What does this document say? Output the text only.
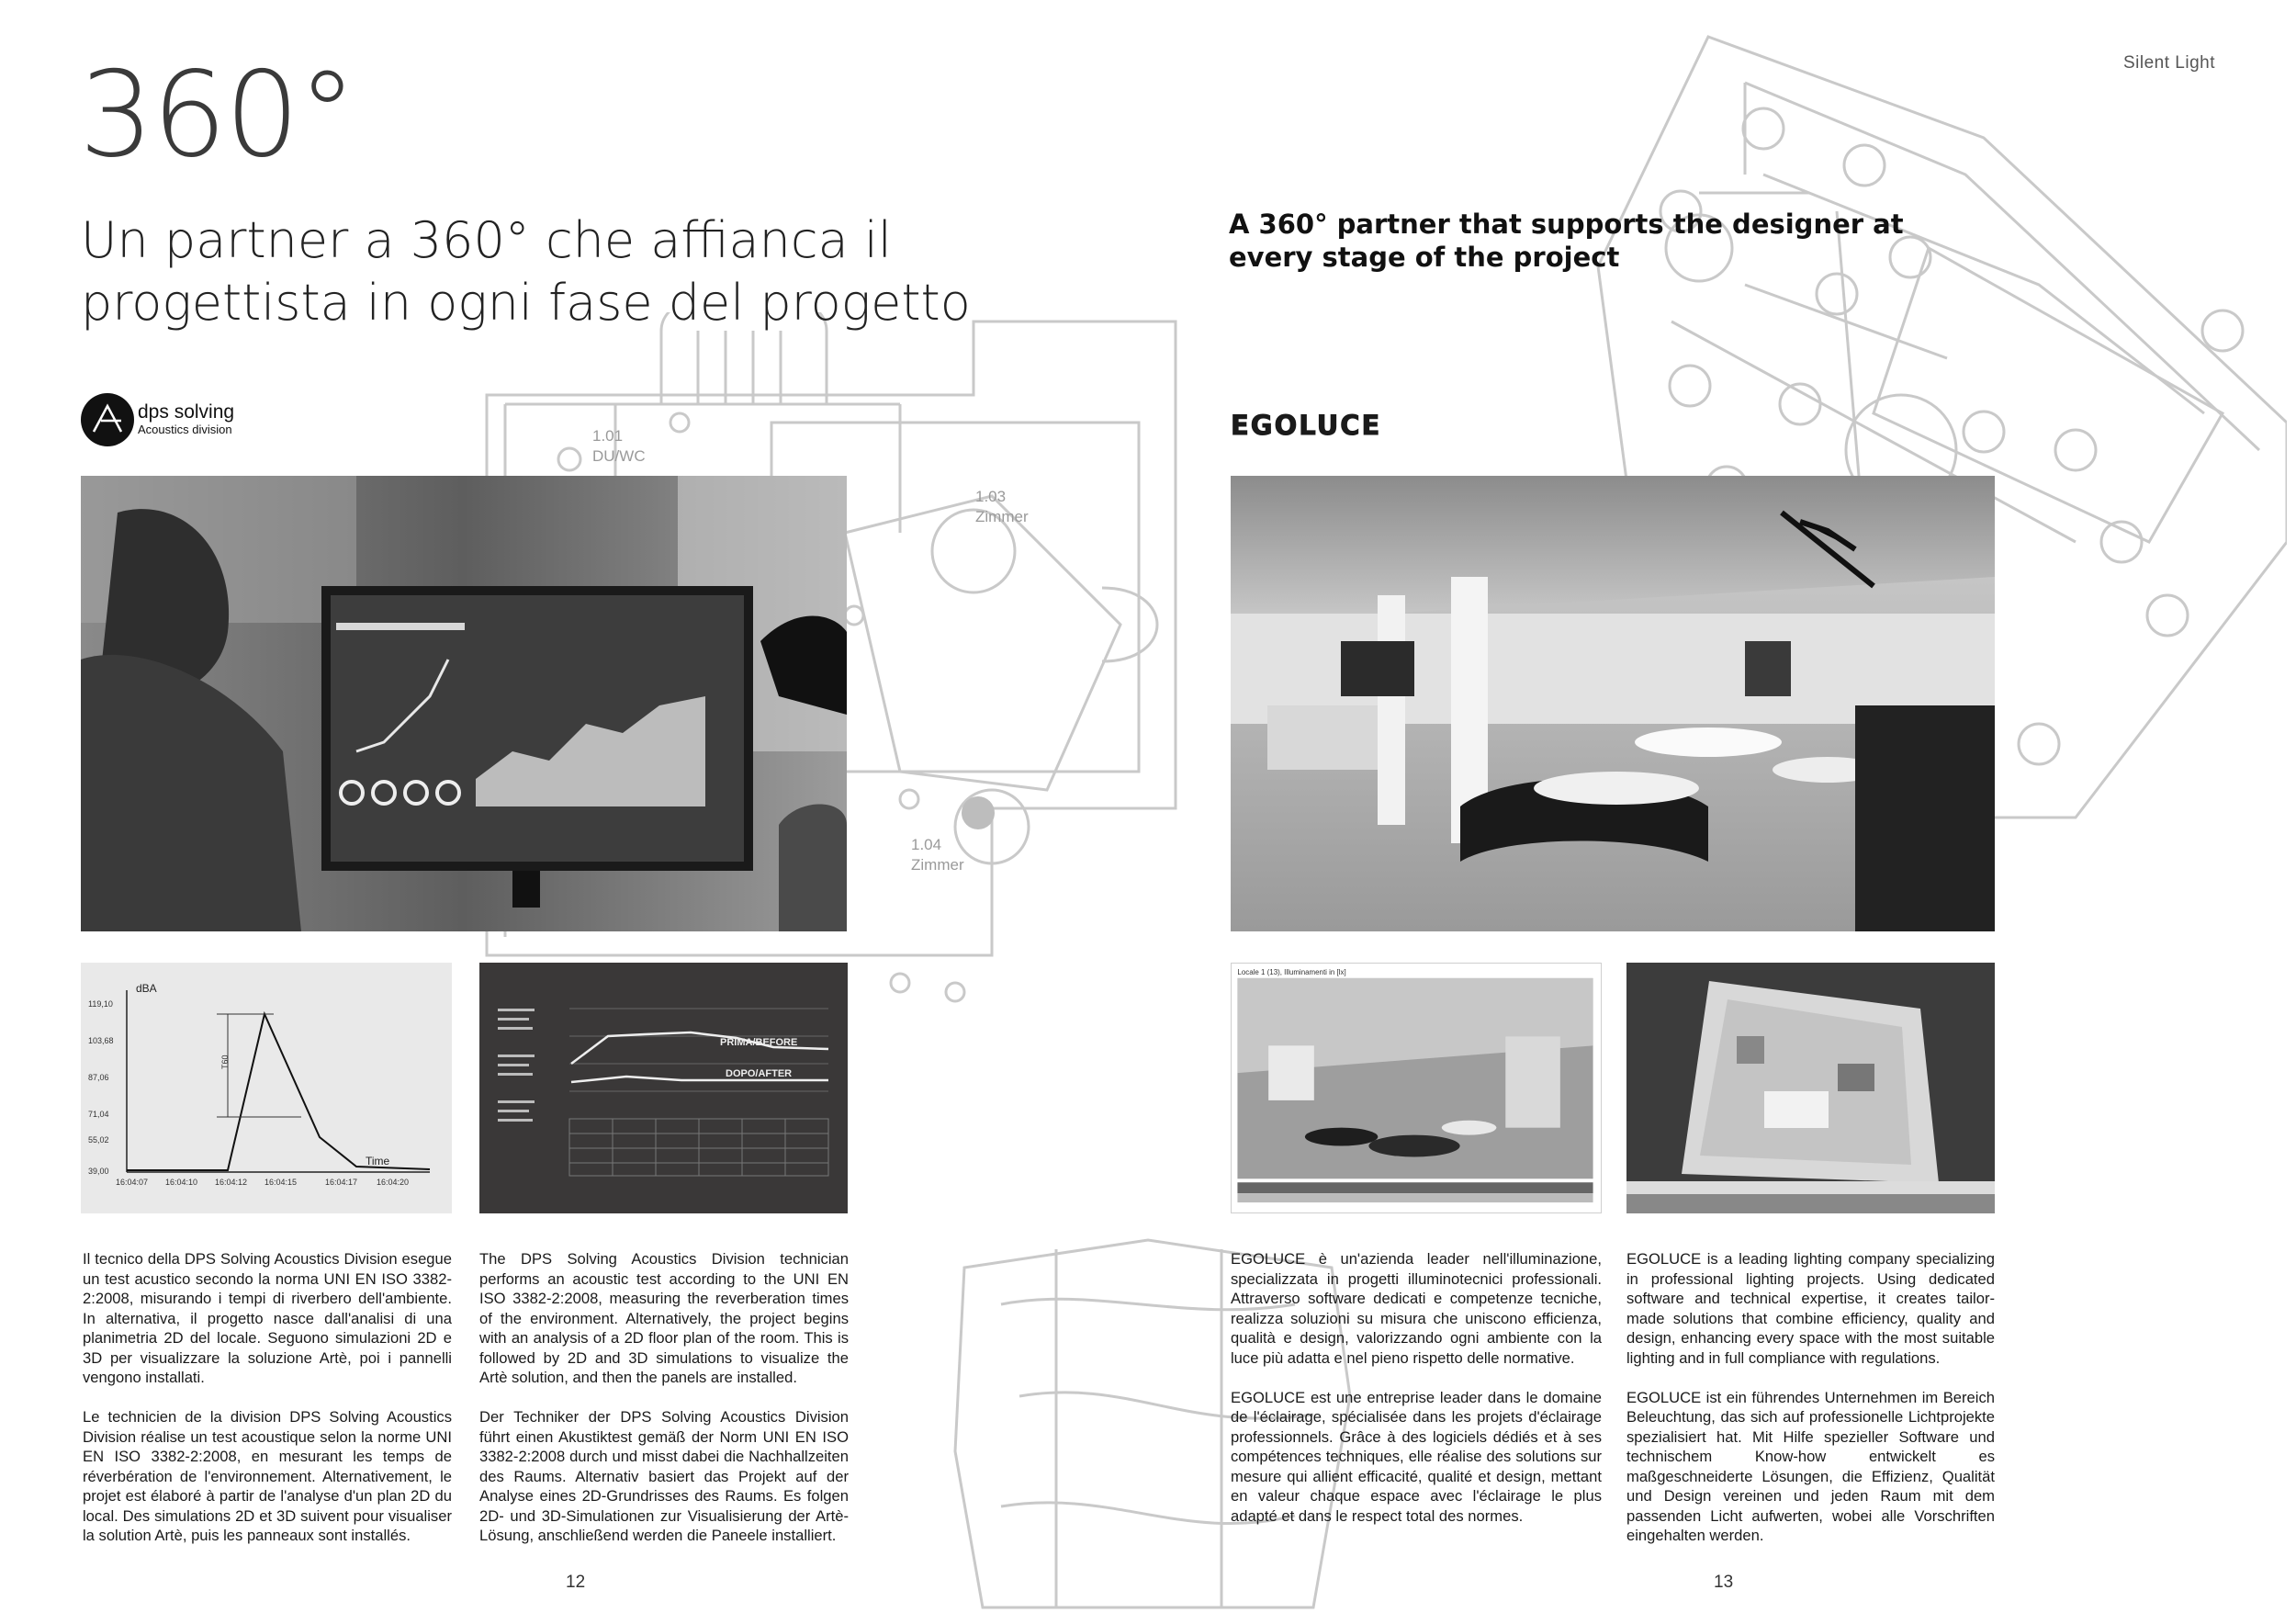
1.01
DU/WC
1.03
Zimmer
1.04
Zimmer
Silent Light
360°
Un partner a 360° che affianca il progettista in ogni fase del progetto
A 360° partner that supports the designer at every stage of the project
dps solving
Acoustics division	EGOLUCE
dBA
119,10
103,68
87,06
71,04
55,02
39,00
16:04:07 16:04:10 16:04:12 16:04:15	16:04:17 16:04:20
Time
T60
PRIMA/BEFORE
DOPO/AFTER
Locale 1 (13), Illuminamenti in [lx]

Il tecnico della DPS Solving Acoustics Division esegue un test acustico secondo la norma UNI EN ISO 3382-2:2008, misurando i tempi di riverbero dell'ambiente. In alternativa, il progetto nasce dall'analisi di una planimetria 2D del locale. Seguono simulazioni 2D e 3D per visualizzare la soluzione Artè, poi i pannelli vengono installati.

Le technicien de la division DPS Solving Acoustics Division réalise un test acoustique selon la norme UNI EN ISO 3382-2:2008, en mesurant les temps de réverbération de l'environnement. Alternativement, le projet est élaboré à partir de l'analyse d'un plan 2D du local. Des simulations 2D et 3D suivent pour visualiser la solution Artè, puis les panneaux sont installés.

The DPS Solving Acoustics Division technician performs an acoustic test according to the UNI EN ISO 3382-2:2008, measuring the reverberation times of the environment. Alternatively, the project begins with an analysis of a 2D floor plan of the room. This is followed by 2D and 3D simulations to visualize the Artè solution, and then the panels are installed.

Der Techniker der DPS Solving Acoustics Division führt einen Akustiktest gemäß der Norm UNI EN ISO 3382-2:2008 durch und misst dabei die Nachhallzeiten des Raums. Alternativ basiert das Projekt auf der Analyse eines 2D-Grundrisses des Raums. Es folgen 2D- und 3D-Simulationen zur Visualisierung der Artè-Lösung, anschließend werden die Paneele installiert.

EGOLUCE è un'azienda leader nell'illuminazione, specializzata in progetti illuminotecnici professionali. Attraverso software dedicati e competenze tecniche, realizza soluzioni su misura che uniscono efficienza, qualità e design, valorizzando ogni ambiente con la luce più adatta e nel pieno rispetto delle normative.

EGOLUCE est une entreprise leader dans le domaine de l'éclairage, spécialisée dans les projets d'éclairage professionnels. Grâce à des logiciels dédiés et à ses compétences techniques, elle réalise des solutions sur mesure qui allient efficacité, qualité et design, mettant en valeur chaque espace avec l'éclairage le plus adapté et dans le respect total des normes.

EGOLUCE is a leading lighting company specializing in professional lighting projects. Using dedicated software and technical expertise, it creates tailor-made solutions that combine efficiency, quality and design, enhancing every space with the most suitable lighting and in full compliance with regulations.

EGOLUCE ist ein führendes Unternehmen im Bereich Beleuchtung, das sich auf professionelle Lichtprojekte spezialisiert hat. Mit Hilfe spezieller Software und technischem Know-how entwickelt es maßgeschneiderte Lösungen, die Effizienz, Qualität und Design vereinen und jeden Raum mit dem passenden Licht aufwerten, wobei alle Vorschriften eingehalten werden.

12	13
